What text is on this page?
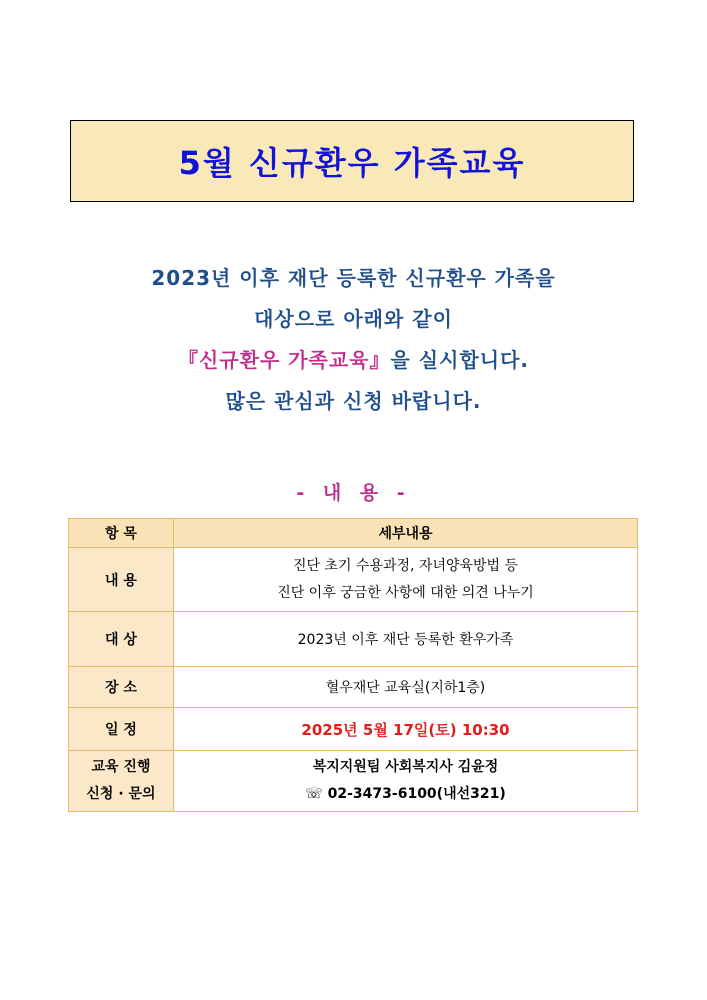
5월 신규환우 가족교육
2023년 이후 재단 등록한 신규환우 가족을
대상으로 아래와 같이
『신규환우 가족교육』을 실시합니다.
많은 관심과 신청 바랍니다.
- 내 용 -
항 목	세부내용
내 용	진단 초기 수용과정, 자녀양육방법 등
진단 이후 궁금한 사항에 대한 의견 나누기

대 상	2023년 이후 재단 등록한 환우가족
장 소	혈우재단 교육실(지하1층)
일 정	2025년 5월 17일(토) 10:30

교육 진행
신청 · 문의	복지지원팀 사회복지사 김윤정
☏ 02-3473-6100(내선321)
